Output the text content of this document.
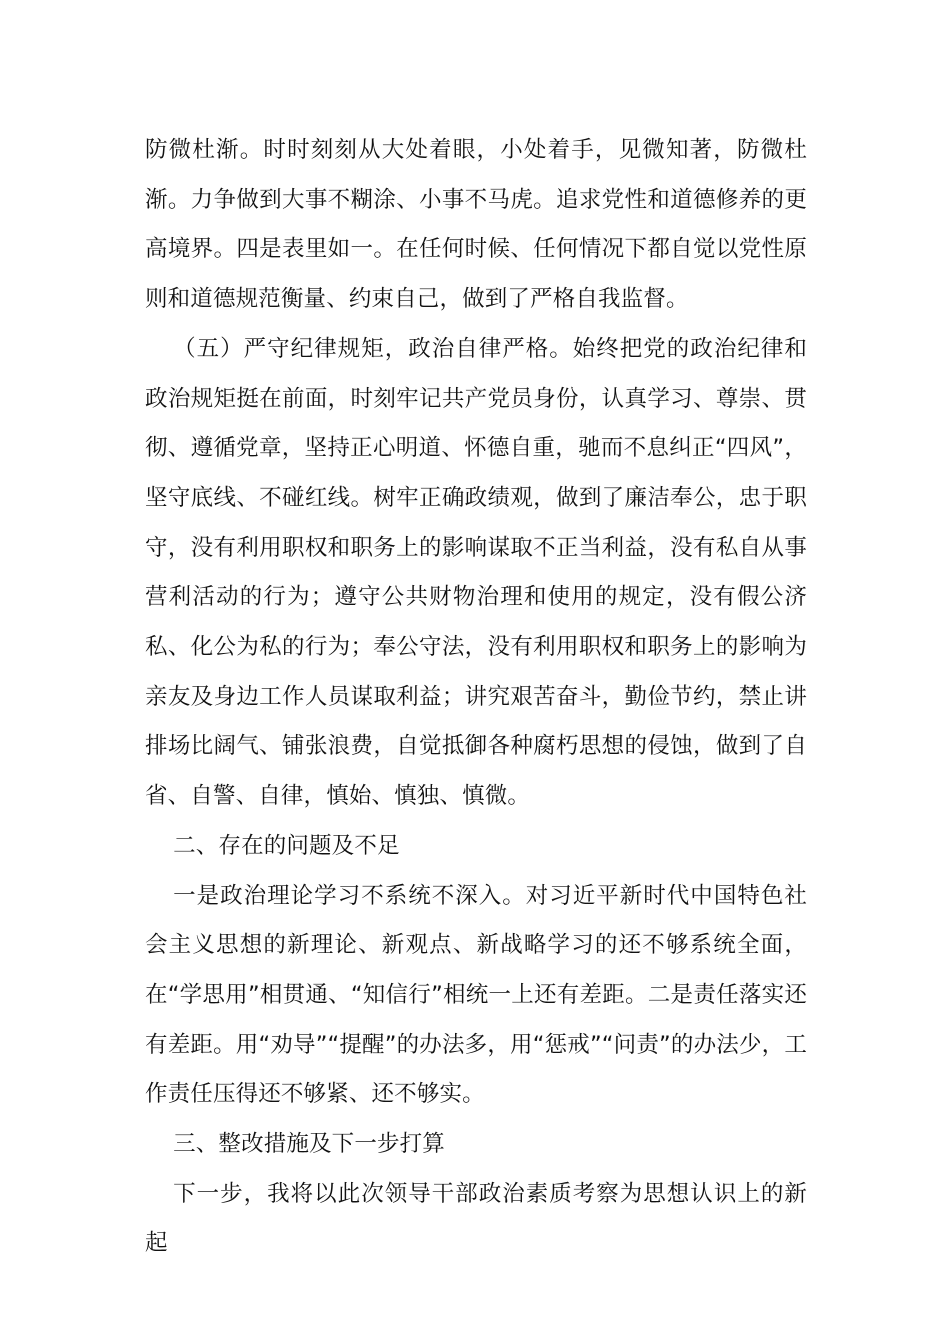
防微杜渐。时时刻刻从大处着眼，小处着手，见微知著，防微杜渐。力争做到大事不糊涂、小事不马虎。追求党性和道德修养的更高境界。四是表里如一。在任何时候、任何情况下都自觉以党性原则和道德规范衡量、约束自己，做到了严格自我监督。

（五）严守纪律规矩，政治自律严格。始终把党的政治纪律和政治规矩挺在前面，时刻牢记共产党员身份，认真学习、尊崇、贯彻、遵循党章，坚持正心明道、怀德自重，驰而不息纠正“四风”，坚守底线、不碰红线。树牢正确政绩观，做到了廉洁奉公，忠于职守，没有利用职权和职务上的影响谋取不正当利益，没有私自从事营利活动的行为；遵守公共财物治理和使用的规定，没有假公济私、化公为私的行为；奉公守法，没有利用职权和职务上的影响为亲友及身边工作人员谋取利益；讲究艰苦奋斗，勤俭节约，禁止讲排场比阔气、铺张浪费，自觉抵御各种腐朽思想的侵蚀，做到了自省、自警、自律，慎始、慎独、慎微。

二、存在的问题及不足

一是政治理论学习不系统不深入。对习近平新时代中国特色社会主义思想的新理论、新观点、新战略学习的还不够系统全面，在“学思用”相贯通、“知信行”相统一上还有差距。二是责任落实还有差距。用“劝导”“提醒”的办法多，用“惩戒”“问责”的办法少，工作责任压得还不够紧、还不够实。

三、整改措施及下一步打算

下一步，我将以此次领导干部政治素质考察为思想认识上的新起
